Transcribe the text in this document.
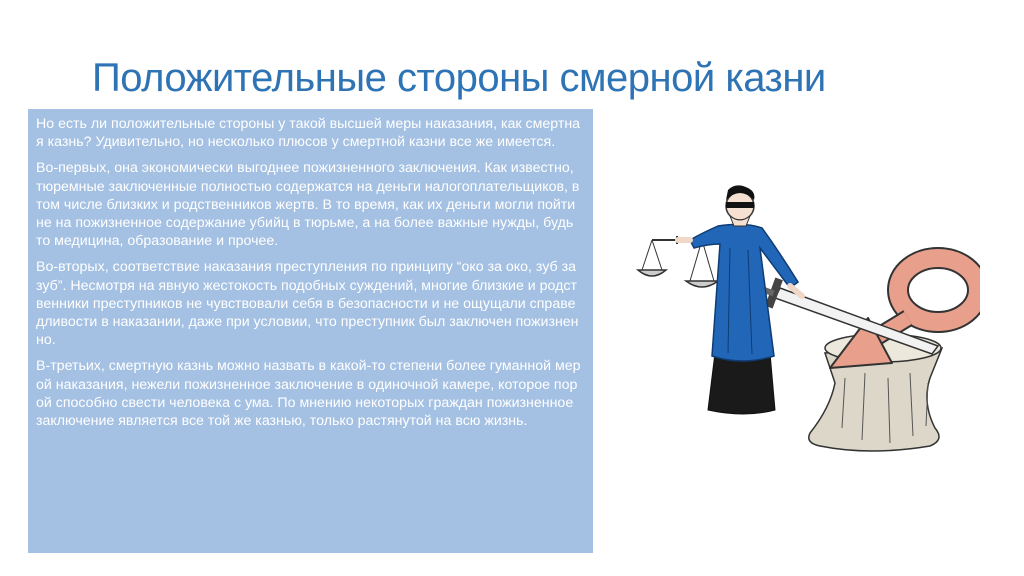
Положительные стороны смерной казни

Но есть ли положительные стороны у такой высшей меры наказания, как смертная казнь? Удивительно, но несколько плюсов у смертной казни все же имеется.

Во-первых, она экономически выгоднее пожизненного заключения. Как известно, тюремные заключенные полностью содержатся на деньги налогоплательщиков, в том числе близких и родственников жертв. В то время, как их деньги могли пойти не на пожизненное содержание убийц в тюрьме, а на более важные нужды, будь то медицина, образование и прочее.

Во-вторых, соответствие наказания преступления по принципу “око за око, зуб за зуб”. Несмотря на явную жестокость подобных суждений, многие близкие и родственники преступников не чувствовали себя в безопасности и не ощущали справедливости в наказании, даже при условии, что преступник был заключен пожизненно.

В-третьих, смертную казнь можно назвать в какой-то степени более гуманной мерой наказания, нежели пожизненное заключение в одиночной камере, которое порой способно свести человека с ума. По мнению некоторых граждан пожизненное заключение является все той же казнью, только растянутой на всю жизнь.
